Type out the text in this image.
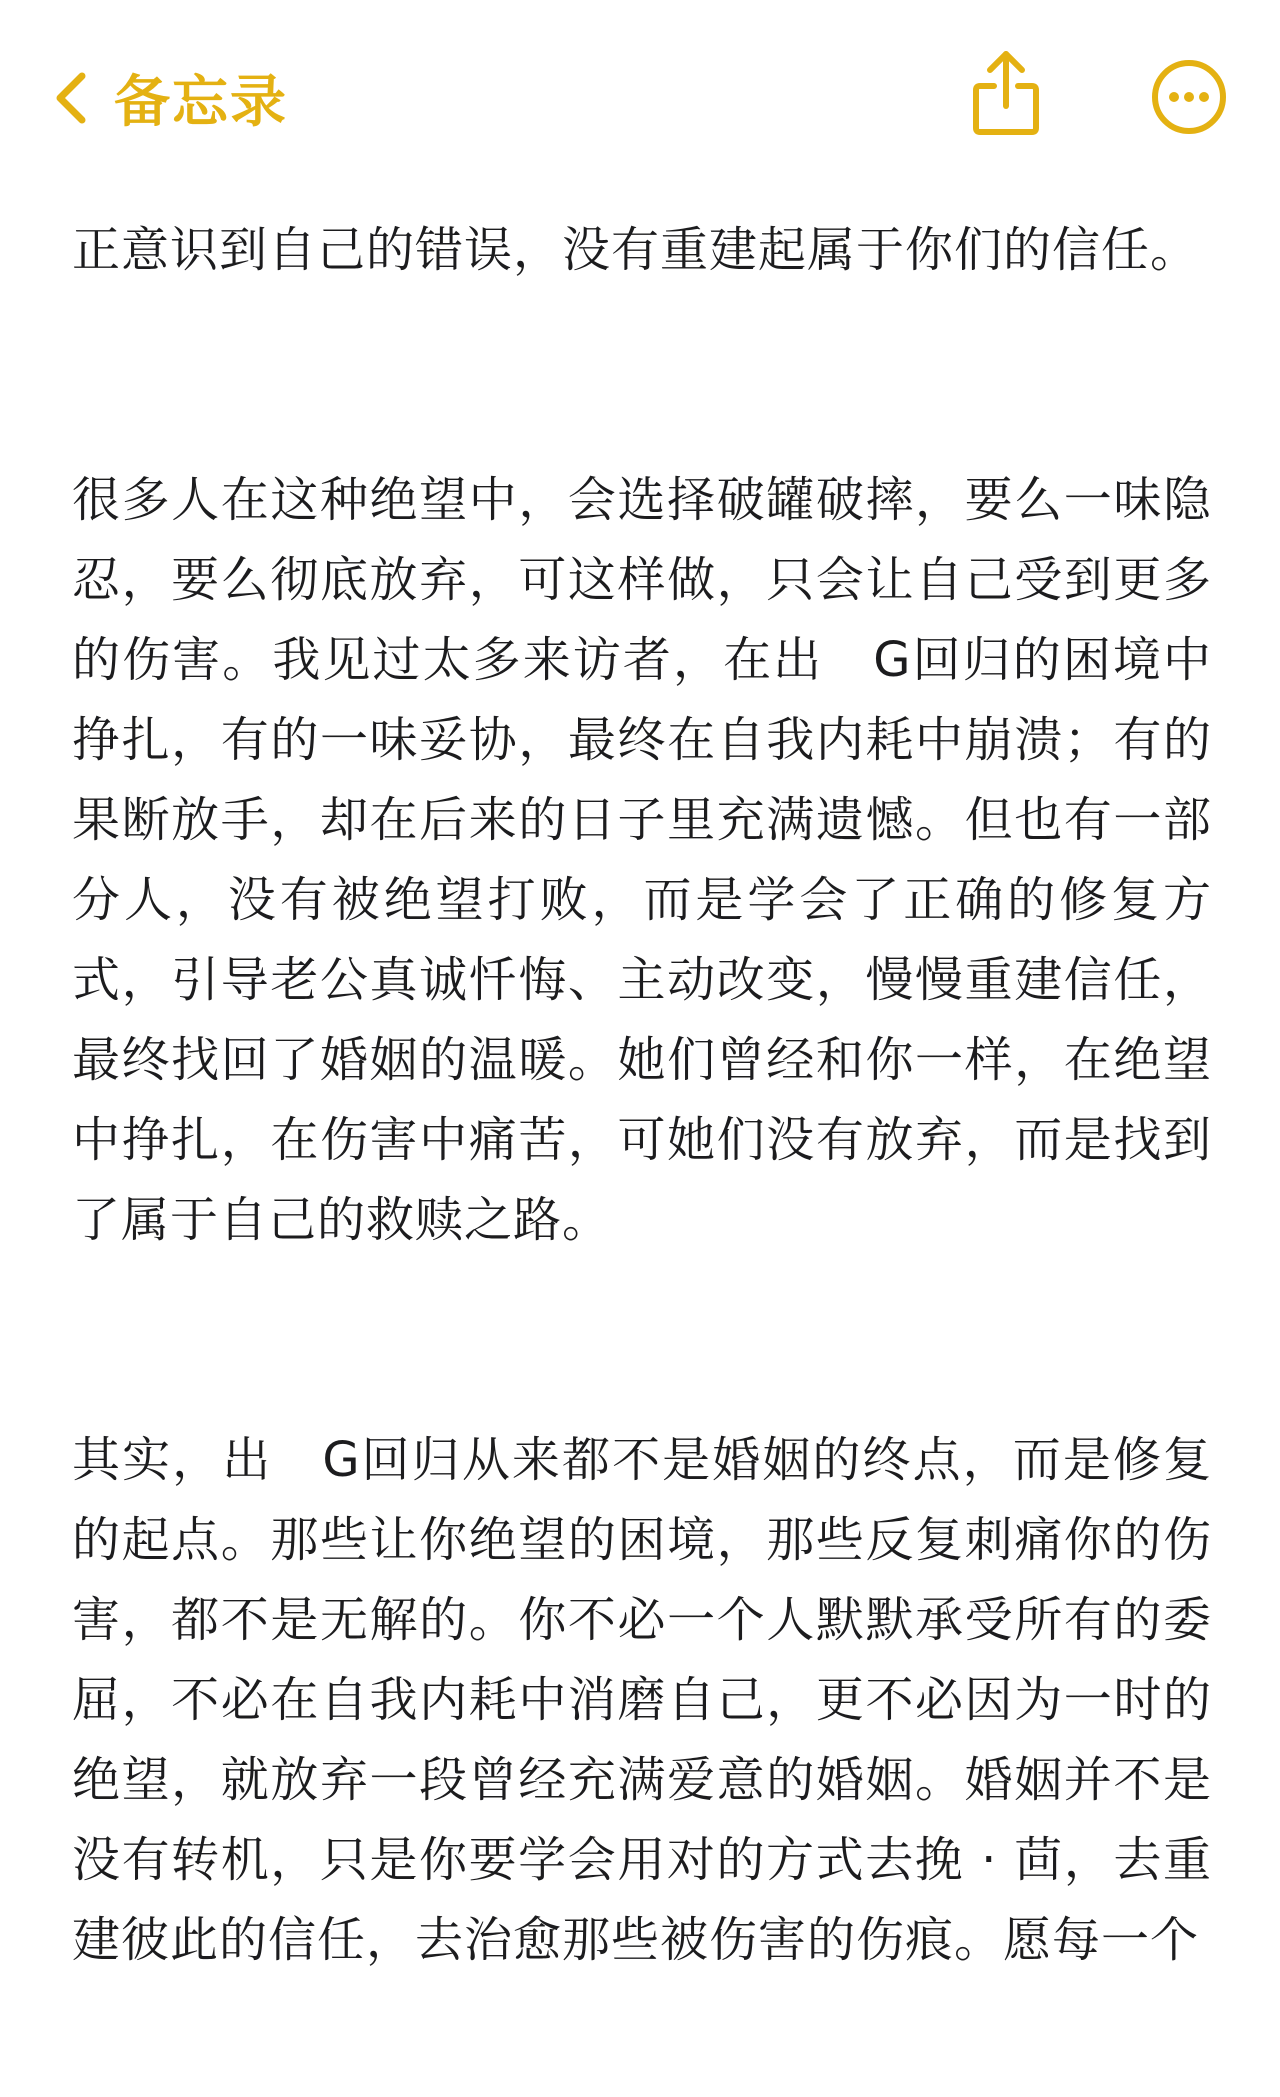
备忘录

正意识到自己的错误，没有重建起属于你们的信任。

很多人在这种绝望中，会选择破罐破摔，要么一味隐忍，要么彻底放弃，可这样做，只会让自己受到更多的伤害。我见过太多来访者，在出　G回归的困境中挣扎，有的一味妥协，最终在自我内耗中崩溃；有的果断放手，却在后来的日子里充满遗憾。但也有一部分人，没有被绝望打败，而是学会了正确的修复方式，引导老公真诚忏悔、主动改变，慢慢重建信任，最终找回了婚姻的温暖。她们曾经和你一样，在绝望中挣扎，在伤害中痛苦，可她们没有放弃，而是找到了属于自己的救赎之路。

其实，出　G回归从来都不是婚姻的终点，而是修复的起点。那些让你绝望的困境，那些反复刺痛你的伤害，都不是无解的。你不必一个人默默承受所有的委屈，不必在自我内耗中消磨自己，更不必因为一时的绝望，就放弃一段曾经充满爱意的婚姻。婚姻并不是没有转机，只是你要学会用对的方式去挽 · 茴，去重建彼此的信任，去治愈那些被伤害的伤痕。愿每一个
